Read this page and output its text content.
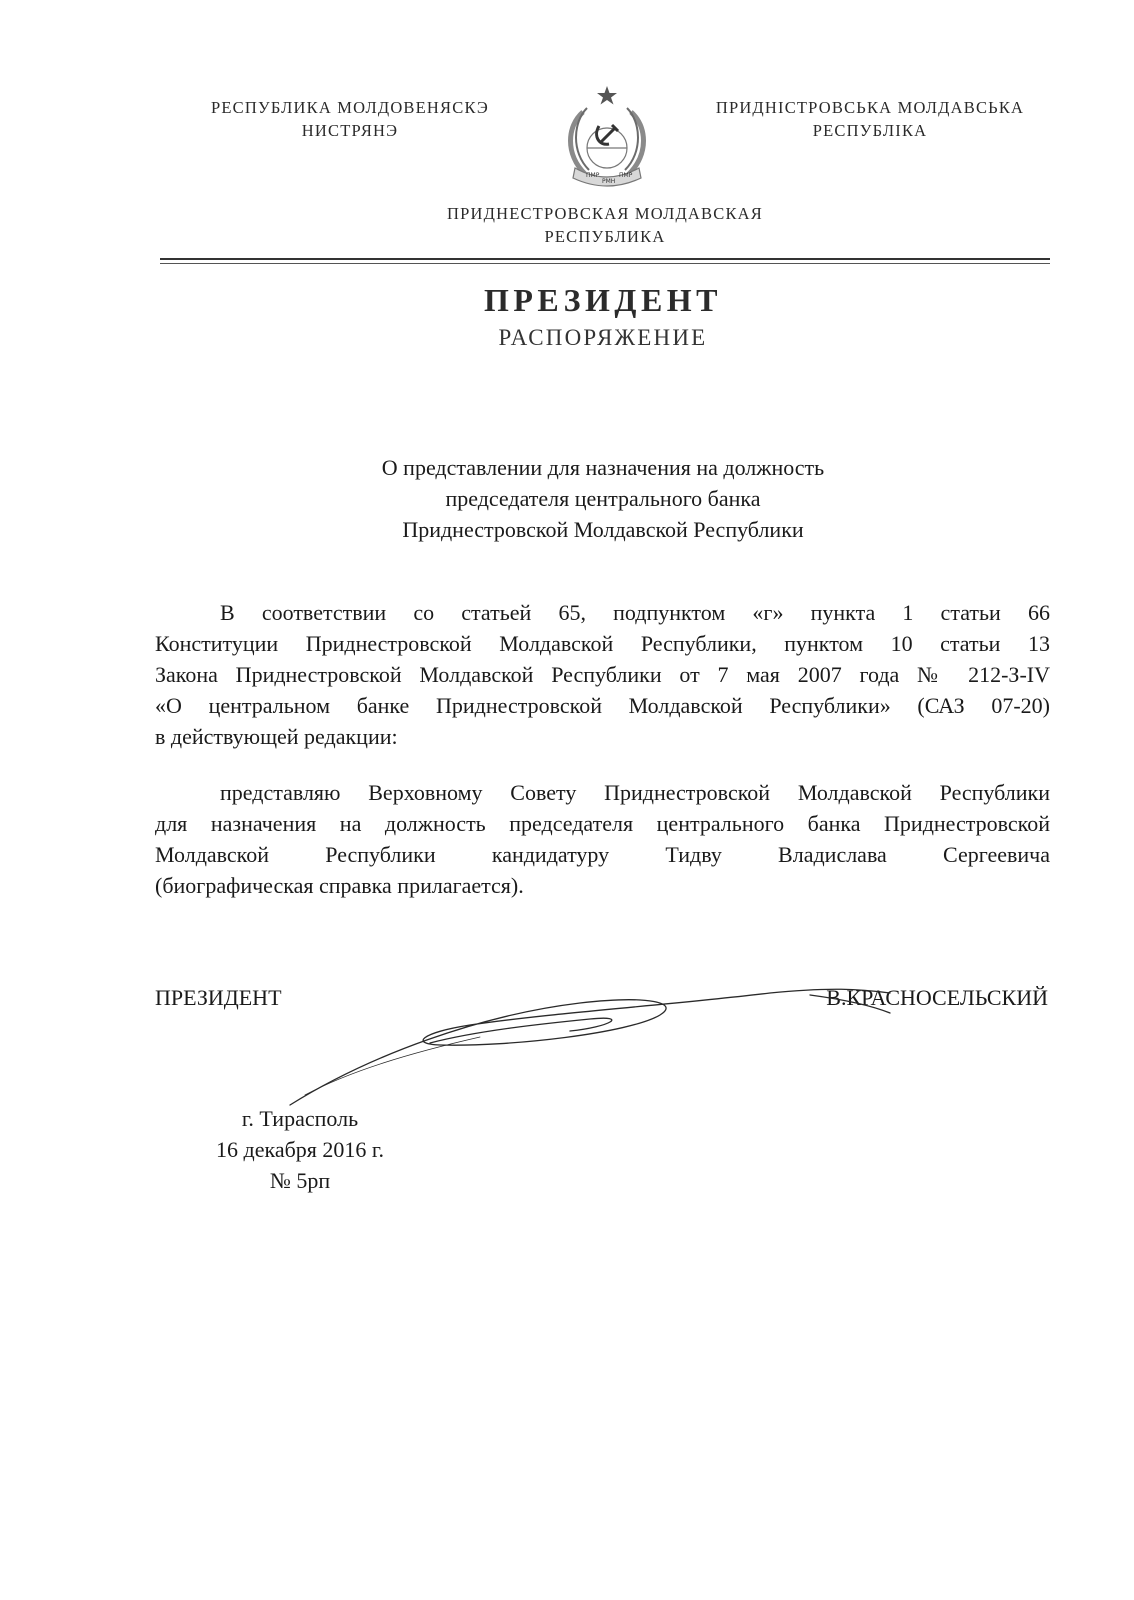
РЕСПУБЛИКА МОЛДОВЕНЯСКЭ
НИСТРЯНЭ
ПМР
РМН
ПМР
ПРИДНІСТРОВСЬКА МОЛДАВСЬКА
РЕСПУБЛІКА
ПРИДНЕСТРОВСКАЯ МОЛДАВСКАЯ
РЕСПУБЛИКА
ПРЕЗИДЕНТ
РАСПОРЯЖЕНИЕ
О представлении для назначения на должность
председателя центрального банка
Приднестровской Молдавской Республики
В соответствии со статьей 65, подпунктом «г» пункта 1 статьи 66
Конституции Приднестровской Молдавской Республики, пунктом 10 статьи 13
Закона Приднестровской Молдавской Республики от 7 мая 2007 года № 212-З-IV
«О центральном банке Приднестровской Молдавской Республики» (САЗ 07-20)
в действующей редакции:
представляю Верховному Совету Приднестровской Молдавской Республики
для назначения на должность председателя центрального банка Приднестровской
Молдавской Республики кандидатуру Тидву Владислава Сергеевича
(биографическая справка прилагается).
ПРЕЗИДЕНТ	В.КРАСНОСЕЛЬСКИЙ
г. Тирасполь
16 декабря 2016 г.
№ 5рп
